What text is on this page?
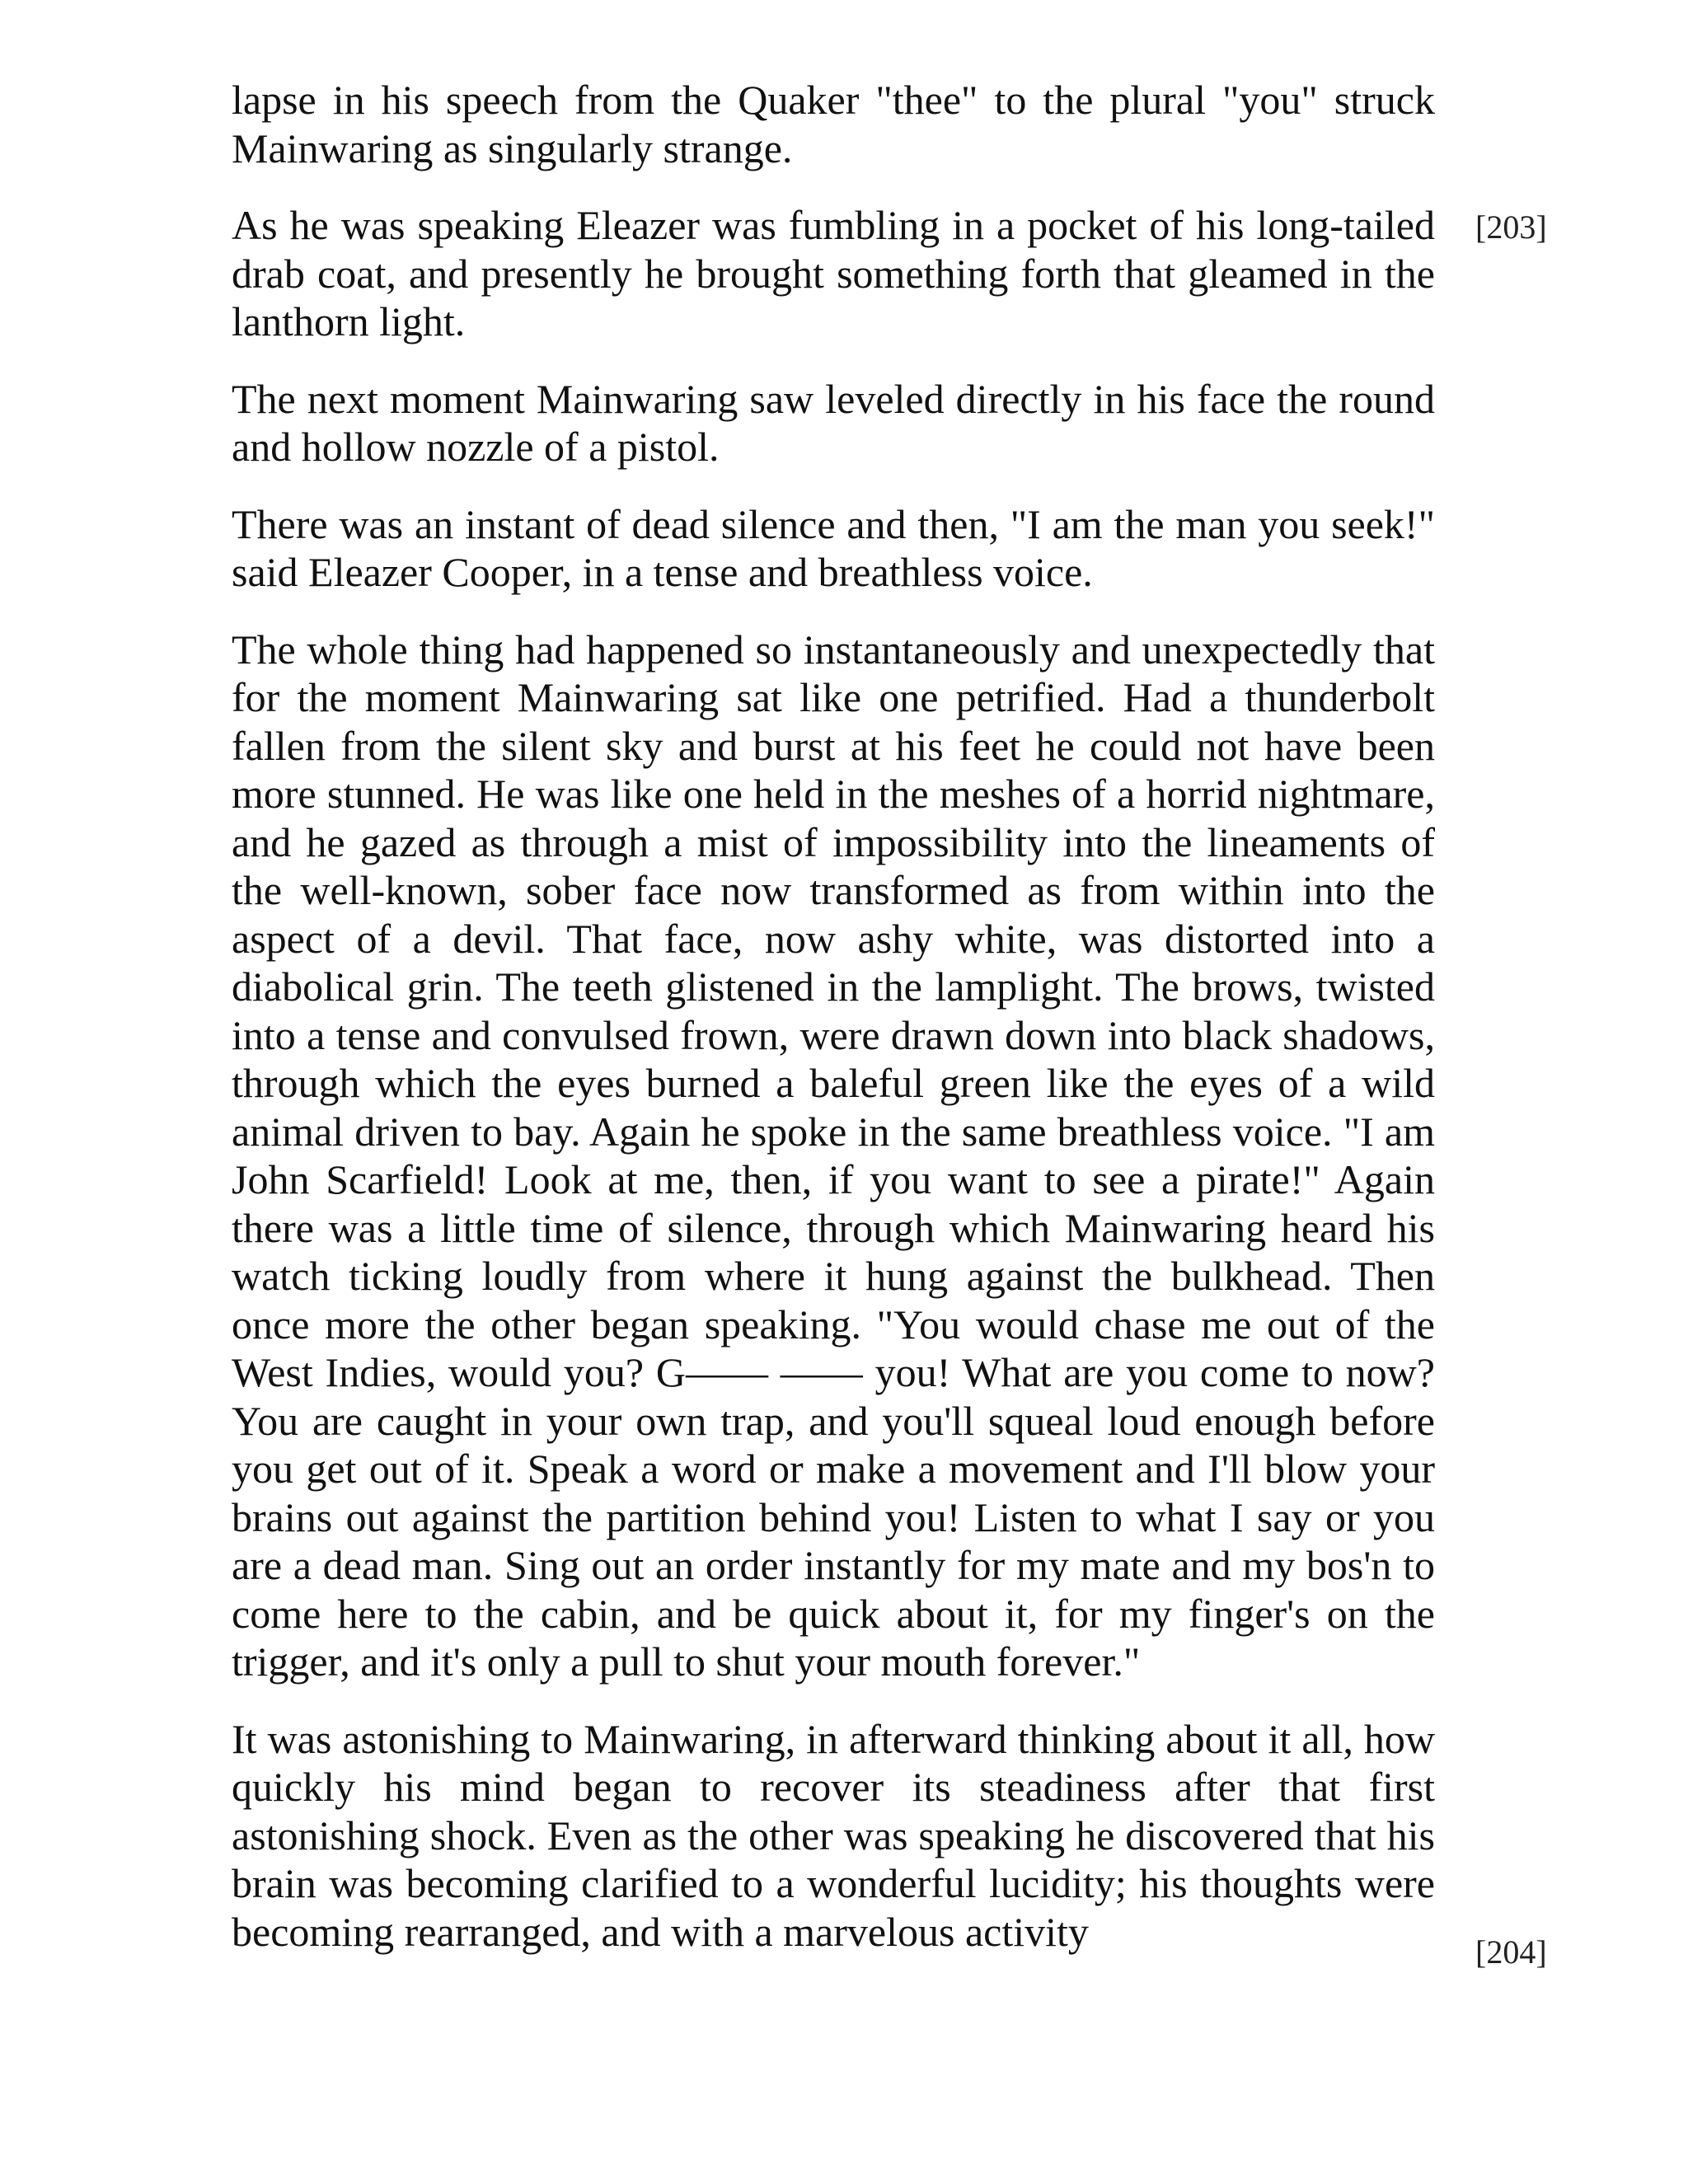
lapse in his speech from the Quaker "thee" to the plural "you" struck Mainwaring as singularly strange.

As he was speaking Eleazer was fumbling in a pocket of his long-tailed drab coat, and presently he brought something forth that gleamed in the lanthorn light.

The next moment Mainwaring saw leveled directly in his face the round and hollow nozzle of a pistol.

There was an instant of dead silence and then, "I am the man you seek!" said Eleazer Cooper, in a tense and breathless voice.

The whole thing had happened so instantaneously and unexpectedly that for the moment Mainwaring sat like one petrified. Had a thunderbolt fallen from the silent sky and burst at his feet he could not have been more stunned. He was like one held in the meshes of a horrid nightmare, and he gazed as through a mist of impossibility into the lineaments of the well-known, sober face now transformed as from within into the aspect of a devil. That face, now ashy white, was distorted into a diabolical grin. The teeth glistened in the lamplight. The brows, twisted into a tense and convulsed frown, were drawn down into black shadows, through which the eyes burned a baleful green like the eyes of a wild animal driven to bay. Again he spoke in the same breathless voice. "I am John Scarfield! Look at me, then, if you want to see a pirate!" Again there was a little time of silence, through which Mainwaring heard his watch ticking loudly from where it hung against the bulkhead. Then once more the other began speaking. "You would chase me out of the West Indies, would you? G—— —— you! What are you come to now? You are caught in your own trap, and you'll squeal loud enough before you get out of it. Speak a word or make a movement and I'll blow your brains out against the partition behind you! Listen to what I say or you are a dead man. Sing out an order instantly for my mate and my bos'n to come here to the cabin, and be quick about it, for my finger's on the trigger, and it's only a pull to shut your mouth forever."

It was astonishing to Mainwaring, in afterward thinking about it all, how quickly his mind began to recover its steadiness after that first astonishing shock. Even as the other was speaking he discovered that his brain was becoming clarified to a wonderful lucidity; his thoughts were becoming rearranged, and with a marvelous activity

[203]
[204]
